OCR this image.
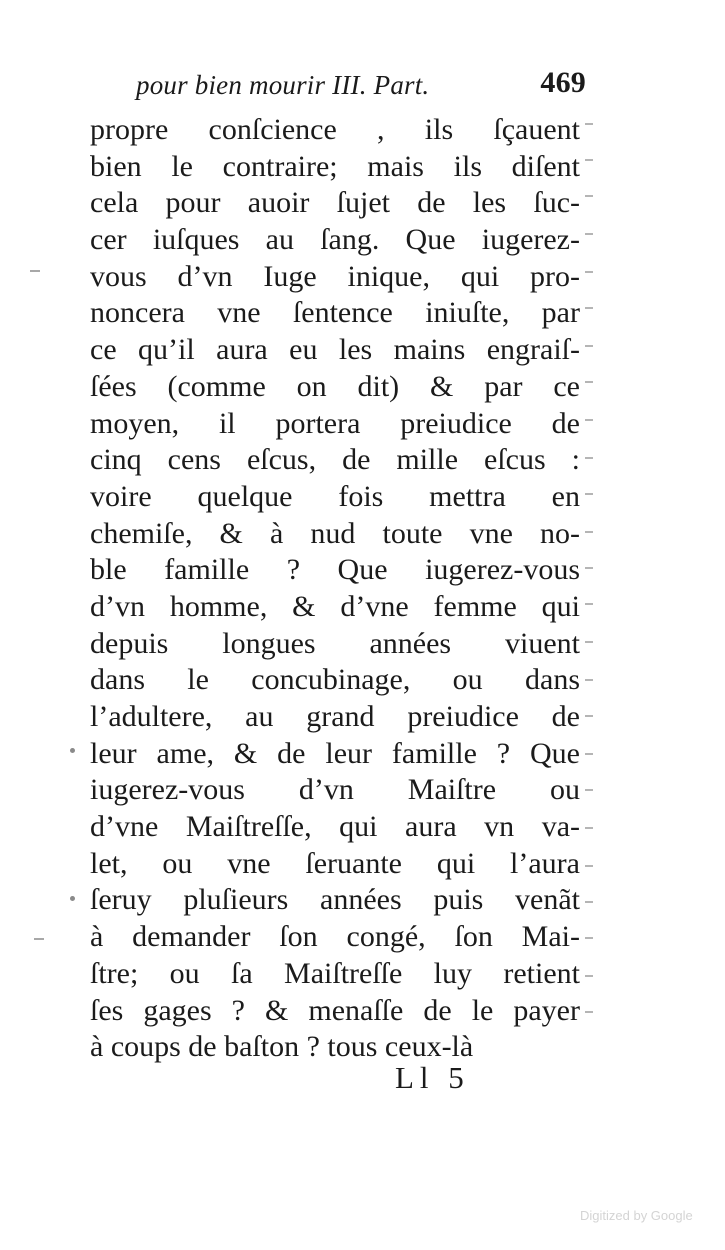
pour bien mourir III. Part.	469
propre conſcience , ils ſçauent
bien le contraire; mais ils diſent
cela pour auoir ſujet de les ſuc-
cer iuſques au ſang. Que iugerez-
vous d’vn Iuge inique, qui pro-
noncera vne ſentence iniuſte, par
ce qu’il aura eu les mains engraiſ-
ſées (comme on dit) & par ce
moyen, il portera preiudice de
cinq cens eſcus, de mille eſcus :
voire quelque fois mettra en
chemiſe, & à nud toute vne no-
ble famille ? Que iugerez-vous
d’vn homme, & d’vne femme qui
depuis longues années viuent
dans le concubinage, ou dans
l’adultere, au grand preiudice de
leur ame, & de leur famille ? Que
iugerez-vous d’vn Maiſtre ou
d’vne Maiſtreſſe, qui aura vn va-
let, ou vne ſeruante qui l’aura
ſeruy pluſieurs années puis venãt
à demander ſon congé, ſon Mai-
ſtre; ou ſa Maiſtreſſe luy retient
ſes gages ? & menaſſe de le payer
à coups de baſton ? tous ceux-là
Ll 5
Digitized by Google
